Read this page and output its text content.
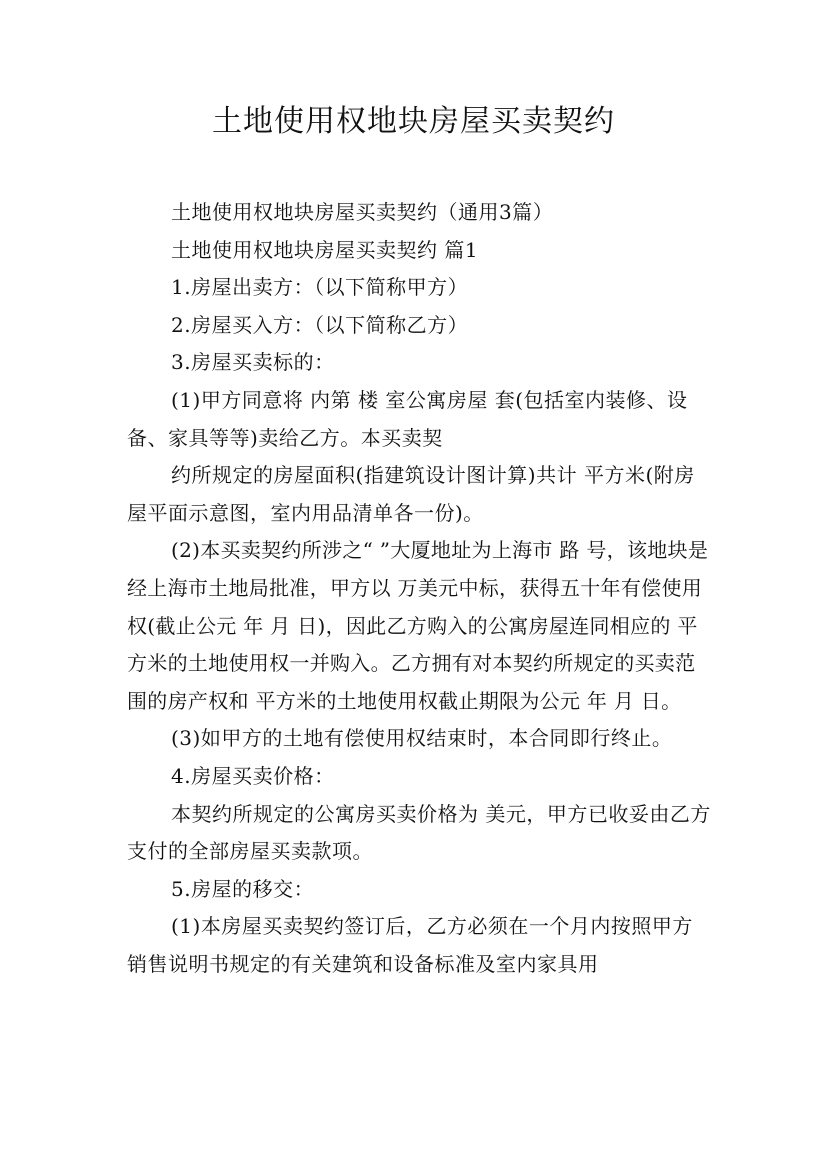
土地使用权地块房屋买卖契约

土地使用权地块房屋买卖契约（通用3篇）

土地使用权地块房屋买卖契约 篇1

1.房屋出卖方：（以下简称甲方）

2.房屋买入方：（以下简称乙方）

3.房屋买卖标的：

(1)甲方同意将 内第 楼 室公寓房屋 套(包括室内装修、设备、家具等等)卖给乙方。本买卖契

约所规定的房屋面积(指建筑设计图计算)共计 平方米(附房屋平面示意图，室内用品清单各一份)。

(2)本买卖契约所涉之“ ”大厦地址为上海市 路 号，该地块是经上海市土地局批准，甲方以 万美元中标，获得五十年有偿使用权(截止公元 年 月 日)，因此乙方购入的公寓房屋连同相应的 平方米的土地使用权一并购入。乙方拥有对本契约所规定的买卖范围的房产权和 平方米的土地使用权截止期限为公元 年 月 日。

(3)如甲方的土地有偿使用权结束时，本合同即行终止。

4.房屋买卖价格：

本契约所规定的公寓房买卖价格为 美元，甲方已收妥由乙方支付的全部房屋买卖款项。

5.房屋的移交：

(1)本房屋买卖契约签订后，乙方必须在一个月内按照甲方销售说明书规定的有关建筑和设备标准及室内家具用
